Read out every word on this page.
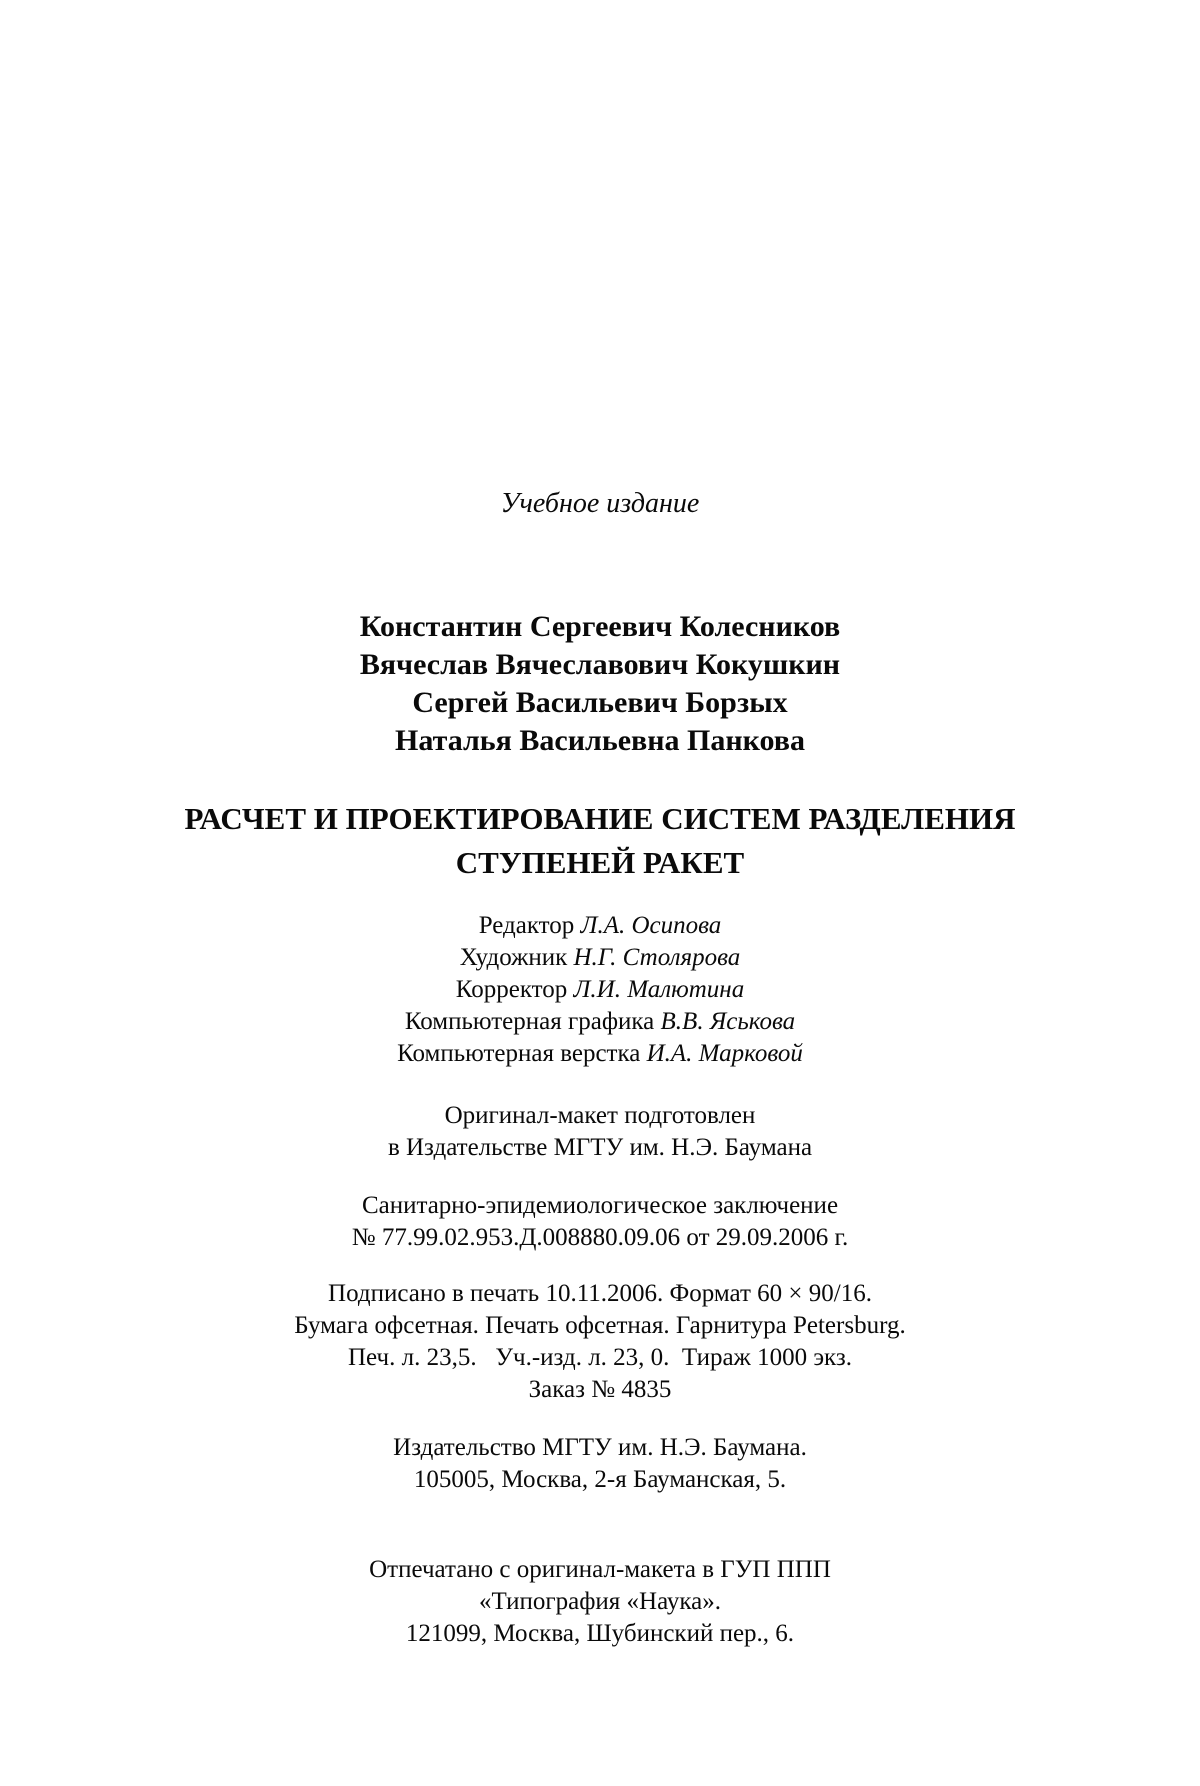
Учебное издание
Константин Сергеевич Колесников
Вячеслав Вячеславович Кокушкин
Сергей Васильевич Борзых
Наталья Васильевна Панкова
РАСЧЕТ И ПРОЕКТИРОВАНИЕ СИСТЕМ РАЗДЕЛЕНИЯ
СТУПЕНЕЙ РАКЕТ
Редактор Л.А. Осипова
Художник Н.Г. Столярова
Корректор Л.И. Малютина
Компьютерная графика В.В. Яськова
Компьютерная верстка И.А. Марковой
Оригинал-макет подготовлен
в Издательстве МГТУ им. Н.Э. Баумана
Санитарно-эпидемиологическое заключение
№ 77.99.02.953.Д.008880.09.06 от 29.09.2006 г.
Подписано в печать 10.11.2006. Формат 60 × 90/16.
Бумага офсетная. Печать офсетная. Гарнитура Petersburg.
Печ. л. 23,5.   Уч.-изд. л. 23, 0.  Тираж 1000 экз.
Заказ № 4835
Издательство МГТУ им. Н.Э. Баумана.
105005, Москва, 2-я Бауманская, 5.
Отпечатано с оригинал-макета в ГУП ППП
«Типография «Наука».
121099, Москва, Шубинский пер., 6.
